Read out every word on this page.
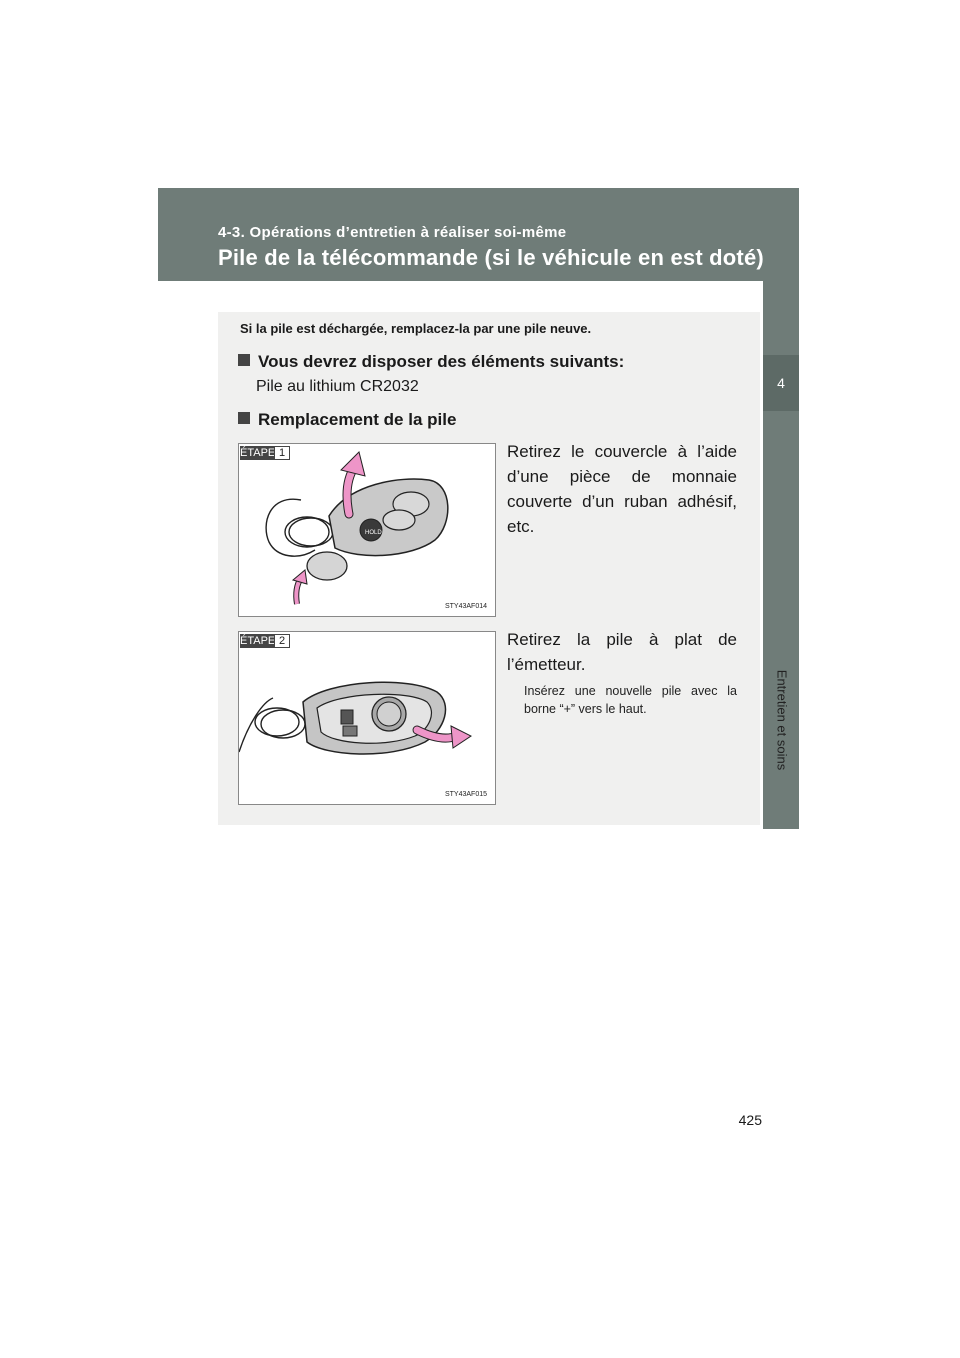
4-3. Opérations d’entretien à réaliser soi-même
Pile de la télécommande (si le véhicule en est doté)
4
Entretien et soins
Si la pile est déchargée, remplacez-la par une pile neuve.
Vous devrez disposer des éléments suivants:
Pile au lithium CR2032
Remplacement de la pile
ÉTAPE 1
HOLD
STY43AF014
Retirez le couvercle à l’aide d’une pièce de monnaie couverte d’un ruban adhésif, etc.
ÉTAPE 2
STY43AF015
Retirez la pile à plat de l’émetteur.
Insérez une nouvelle pile avec la borne “+” vers le haut.
425
